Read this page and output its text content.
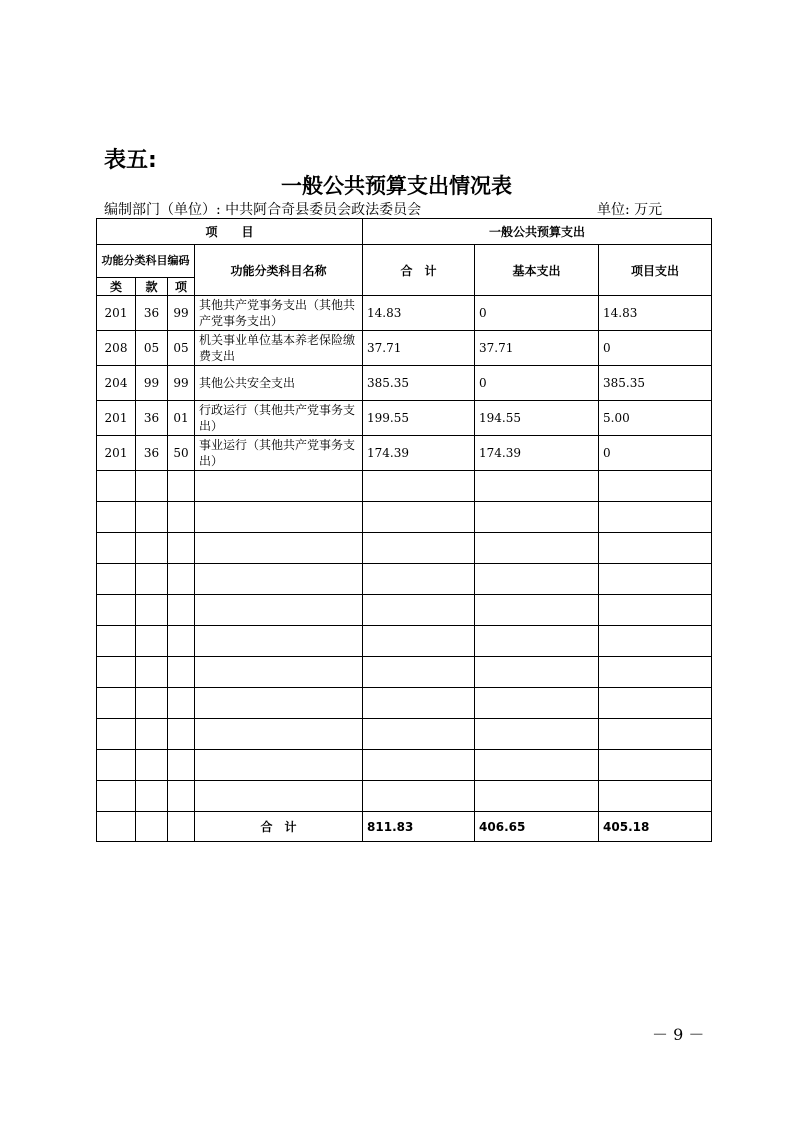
表五:
一般公共预算支出情况表
编制部门（单位）: 中共阿合奇县委员会政法委员会	单位: 万元
项　　目				一般公共预算支出		
功能分类科目编码			功能分类科目名称	合　计	基本支出	项目支出
类	款	项				
201	36	99	其他共产党事务支出（其他共产党事务支出）	14.83	0	14.83
208	05	05	机关事业单位基本养老保险缴费支出	37.71	37.71	0
204	99	99	其他公共安全支出	385.35	0	385.35
201	36	01	行政运行（其他共产党事务支出）	199.55	194.55	5.00
201	36	50	事业运行（其他共产党事务支出）	174.39	174.39	0

			合　计	811.83	406.65	405.18
－ 9 －
